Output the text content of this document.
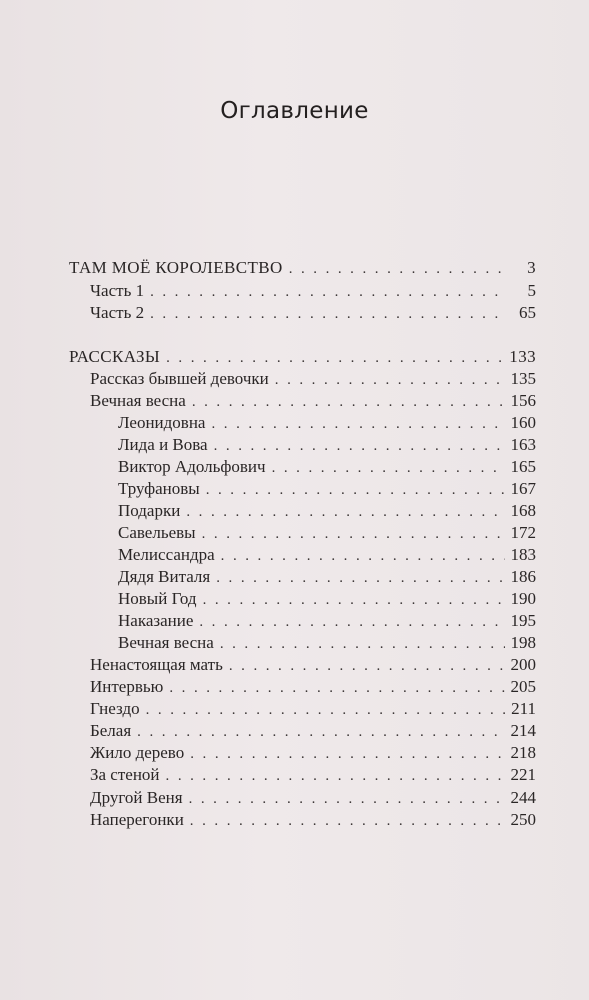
Оглавление
ТАМ МОЁ КОРОЛЕВСТВО . . .	3
Часть 1 . . .	5
Часть 2 . . .	65
РАССКАЗЫ . . .	133
Рассказ бывшей девочки . . .	135
Вечная весна . . .	156
Леонидовна . . .	160
Лида и Вова . . .	163
Виктор Адольфович . . .	165
Труфановы . . .	167
Подарки . . .	168
Савельевы . . .	172
Мелиссандра . . .	183
Дядя Виталя . . .	186
Новый Год . . .	190
Наказание . . .	195
Вечная весна . . .	198
Ненастоящая мать . . .	200
Интервью . . .	205
Гнездо . . .	211
Белая . . .	214
Жило дерево . . .	218
За стеной . . .	221
Другой Веня . . .	244
Наперегонки . . .	250
